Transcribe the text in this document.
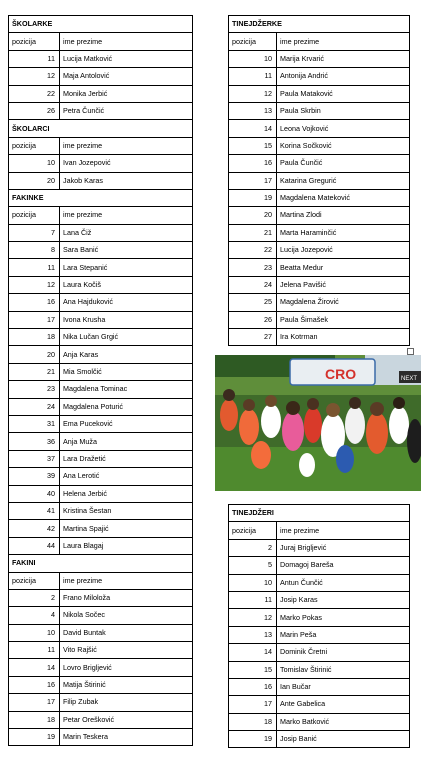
ŠKOLARKE	
pozicija	ime prezime
11	Lucija Matković
12	Maja Antolović
22	Monika Jerbić
26	Petra Čunčić
ŠKOLARCI	
pozicija	ime prezime
10	Ivan Jozepović
20	Jakob Karas
FAKINKE	
pozicija	ime prezime
7	Lana Čiž
8	Sara Banić
11	Lara Stepanić
12	Laura Kočiš
16	Ana Hajduković
17	Ivona Krusha
18	Nika Lučan Grgić
20	Anja Karas
21	Mia Smolčić
23	Magdalena Tominac
24	Magdalena Poturić
31	Ema Puceković
36	Anja Muža
37	Lara Dražetić
39	Ana Lerotić
40	Helena Jerbić
41	Kristina Šestan
42	Martina Spajić
44	Laura Blagaj
FAKINI	
pozicija	ime prezime
2	Frano Miloloža
4	Nikola Sočec
10	David Buntak
11	Vito Rajšić
14	Lovro Brigljević
16	Matija Štirinić
17	Filip Zubak
18	Petar Orešković
19	Marin Teskera
TINEJDŽERKE	
pozicija	ime prezime
10	Marija Krvarić
11	Antonija Andrić
12	Paula Mataković
13	Paula Skrbin
14	Leona Vojković
15	Korina Sočković
16	Paula Čunčić
17	Katarina Gregurić
19	Magdalena Mateković
20	Martina Zlodi
21	Marta Haraminčić
22	Lucija Jozepović
23	Beatta Medur
24	Jelena Pavišić
25	Magdalena Žirović
26	Paula Šimašek
27	Ira Kotrman
CRO	NEXT
TINEJDŽERI	
pozicija	ime prezime
2	Juraj Brigljević
5	Domagoj Bareša
10	Antun Čunčić
11	Josip Karas
12	Marko Pokas
13	Marin Peša
14	Dominik Čretni
15	Tomislav Štirinić
16	Ian Bučar
17	Ante Gabelica
18	Marko Batković
19	Josip Banić
